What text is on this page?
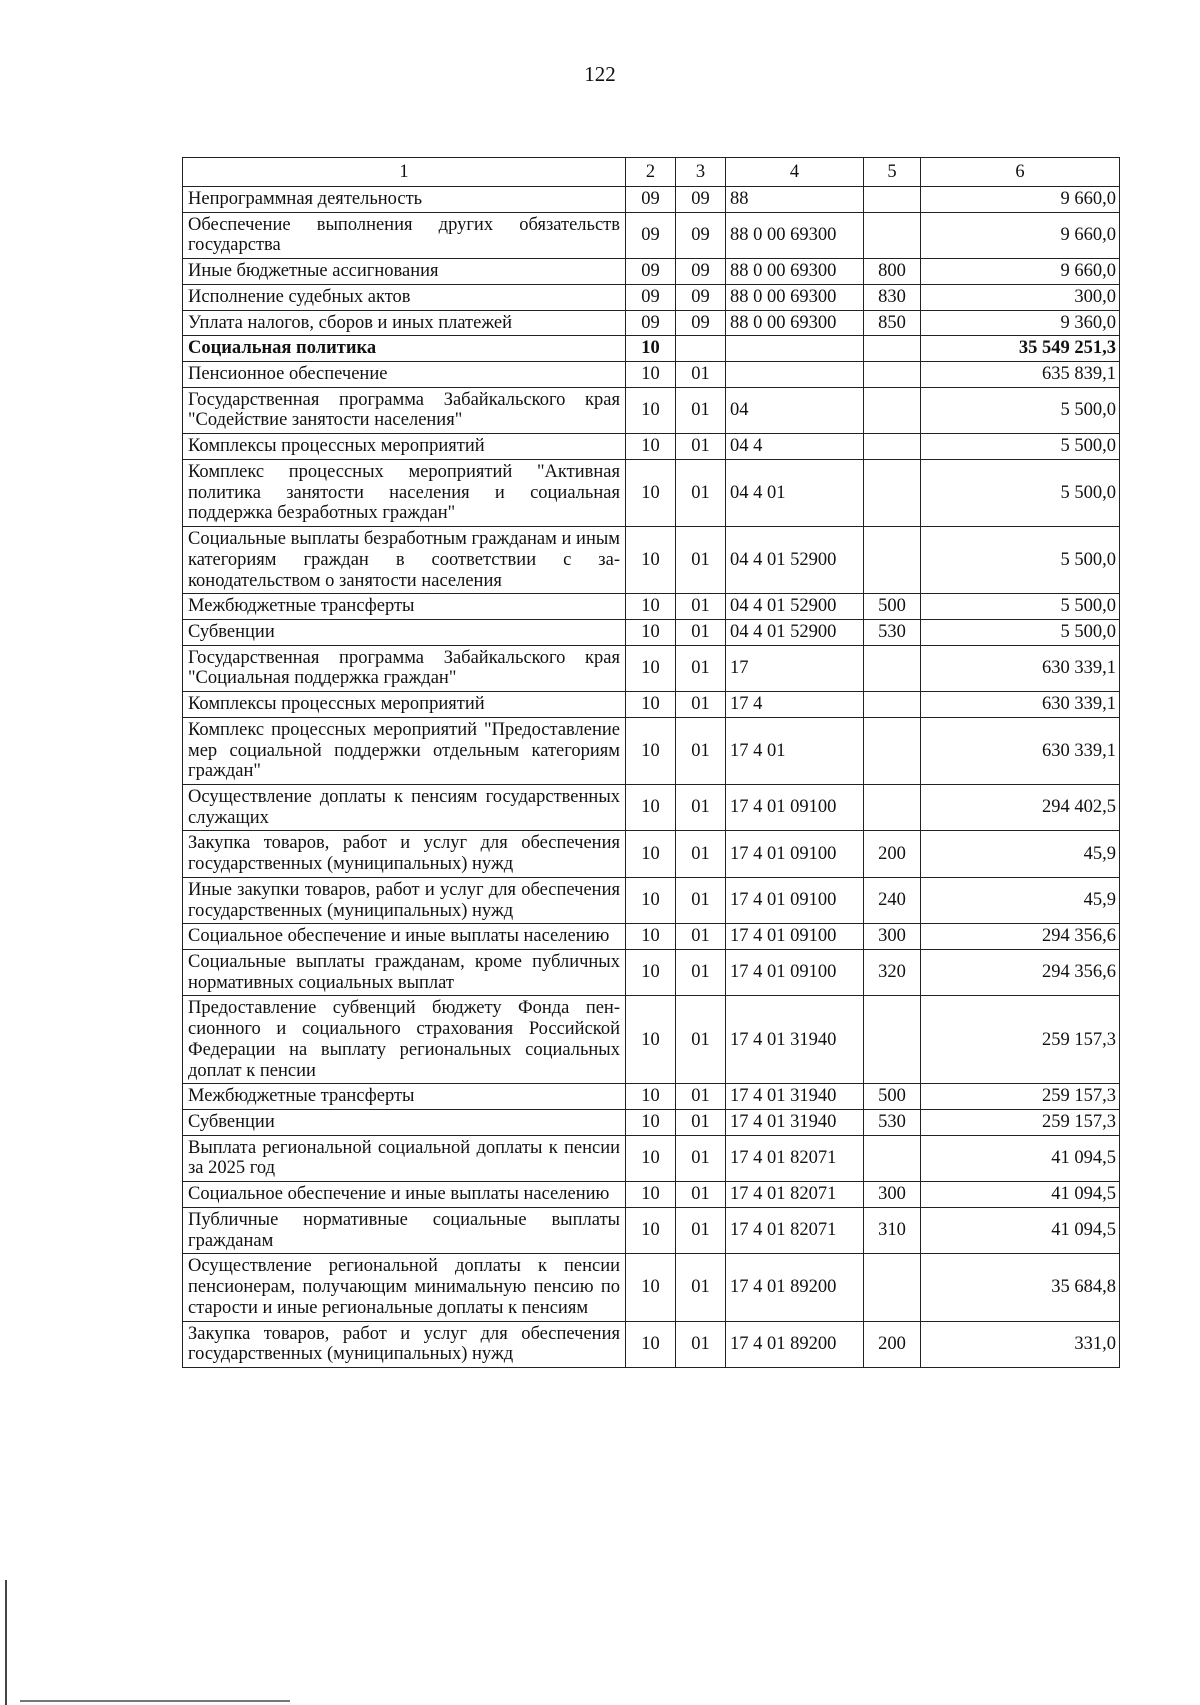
122
1	2	3	4	5	6
Непрограммная деятельность	09	09	88		9 660,0
Обеспечение выполнения других обязательств государства	09	09	88 0 00 69300		9 660,0
Иные бюджетные ассигнования	09	09	88 0 00 69300	800	9 660,0
Исполнение судебных актов	09	09	88 0 00 69300	830	300,0
Уплата налогов, сборов и иных платежей	09	09	88 0 00 69300	850	9 360,0
Социальная политика	10				35 549 251,3
Пенсионное обеспечение	10	01			635 839,1
Государственная программа Забайкальского края "Содействие занятости населения"	10	01	04		5 500,0
Комплексы процессных мероприятий	10	01	04 4		5 500,0
Комплекс процессных мероприятий "Активная политика занятости населения и социальная поддержка безработных граждан"	10	01	04 4 01		5 500,0
Социальные выплаты безработным гражданам и иным категориям граждан в соответствии с законодательством о занятости населения	10	01	04 4 01 52900		5 500,0
Межбюджетные трансферты	10	01	04 4 01 52900	500	5 500,0
Субвенции	10	01	04 4 01 52900	530	5 500,0
Государственная программа Забайкальского края "Социальная поддержка граждан"	10	01	17		630 339,1
Комплексы процессных мероприятий	10	01	17 4		630 339,1
Комплекс процессных мероприятий "Предоставление мер социальной поддержки отдельным категориям граждан"	10	01	17 4 01		630 339,1
Осуществление доплаты к пенсиям государственных служащих	10	01	17 4 01 09100		294 402,5
Закупка товаров, работ и услуг для обеспечения государственных (муниципальных) нужд	10	01	17 4 01 09100	200	45,9
Иные закупки товаров, работ и услуг для обеспечения государственных (муниципальных) нужд	10	01	17 4 01 09100	240	45,9
Социальное обеспечение и иные выплаты населению	10	01	17 4 01 09100	300	294 356,6
Социальные выплаты гражданам, кроме публичных нормативных социальных выплат	10	01	17 4 01 09100	320	294 356,6
Предоставление субвенций бюджету Фонда пенсионного и социального страхования Российской Федерации на выплату региональных социальных доплат к пенсии	10	01	17 4 01 31940		259 157,3
Межбюджетные трансферты	10	01	17 4 01 31940	500	259 157,3
Субвенции	10	01	17 4 01 31940	530	259 157,3
Выплата региональной социальной доплаты к пенсии за 2025 год	10	01	17 4 01 82071		41 094,5
Социальное обеспечение и иные выплаты населению	10	01	17 4 01 82071	300	41 094,5
Публичные нормативные социальные выплаты гражданам	10	01	17 4 01 82071	310	41 094,5
Осуществление региональной доплаты к пенсии пенсионерам, получающим минимальную пенсию по старости и иные региональные доплаты к пенсиям	10	01	17 4 01 89200		35 684,8
Закупка товаров, работ и услуг для обеспечения государственных (муниципальных) нужд	10	01	17 4 01 89200	200	331,0
